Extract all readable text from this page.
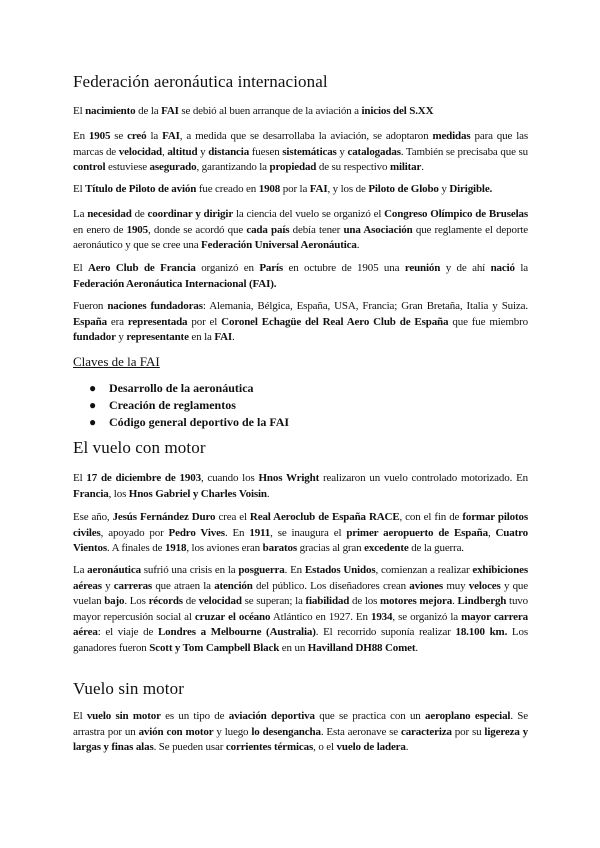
Federación aeronáutica internacional

El nacimiento de la FAI se debió al buen arranque de la aviación a inicios del S.XX

En 1905 se creó la FAI, a medida que se desarrollaba la aviación, se adoptaron medidas para que las marcas de velocidad, altitud y distancia fuesen sistemáticas y catalogadas. También se precisaba que su control estuviese asegurado, garantizando la propiedad de su respectivo militar.

El Título de Piloto de avión fue creado en 1908 por la FAI, y los de Piloto de Globo y Dirigible.

La necesidad de coordinar y dirigir la ciencia del vuelo se organizó el Congreso Olímpico de Bruselas en enero de 1905, donde se acordó que cada país debía tener una Asociación que reglamente el deporte aeronáutico y que se cree una Federación Universal Aeronáutica.

El Aero Club de Francia organizó en París en octubre de 1905 una reunión y de ahí nació la Federación Aeronáutica Internacional (FAI).

Fueron naciones fundadoras: Alemania, Bélgica, España, USA, Francia; Gran Bretaña, Italia y Suiza. España era representada por el Coronel Echagüe del Real Aero Club de España que fue miembro fundador y representante en la FAI.

Claves de la FAI
● Desarrollo de la aeronáutica
● Creación de reglamentos
● Código general deportivo de la FAI
El vuelo con motor

El 17 de diciembre de 1903, cuando los Hnos Wright realizaron un vuelo controlado motorizado. En Francia, los Hnos Gabriel y Charles Voisin.

Ese año, Jesús Fernández Duro crea el Real Aeroclub de España RACE, con el fin de formar pilotos civiles, apoyado por Pedro Vives. En 1911, se inaugura el primer aeropuerto de España, Cuatro Vientos. A finales de 1918, los aviones eran baratos gracias al gran excedente de la guerra.

La aeronáutica sufrió una crisis en la posguerra. En Estados Unidos, comienzan a realizar exhibiciones aéreas y carreras que atraen la atención del público. Los diseñadores crean aviones muy veloces y que vuelan bajo. Los récords de velocidad se superan; la fiabilidad de los motores mejora. Lindbergh tuvo mayor repercusión social al cruzar el océano Atlántico en 1927. En 1934, se organizó la mayor carrera aérea: el viaje de Londres a Melbourne (Australia). El recorrido suponía realizar 18.100 km. Los ganadores fueron Scott y Tom Campbell Black en un Havilland DH88 Comet.

Vuelo sin motor

El vuelo sin motor es un tipo de aviación deportiva que se practica con un aeroplano especial. Se arrastra por un avión con motor y luego lo desengancha. Esta aeronave se caracteriza por su ligereza y largas y finas alas. Se pueden usar corrientes térmicas, o el vuelo de ladera.
